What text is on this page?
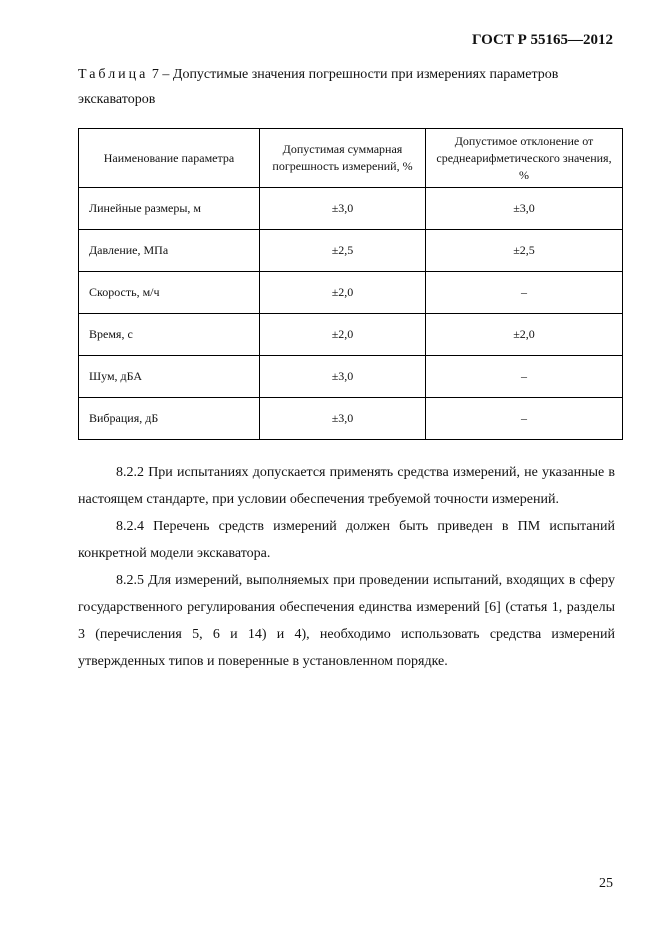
ГОСТ Р 55165—2012
Таблица 7 – Допустимые значения погрешности при измерениях параметров экскаваторов
Наименование параметра	Допустимая суммарная погрешность измерений, %	Допустимое отклонение от среднеарифметического значения, %
Линейные размеры, м	±3,0	±3,0
Давление, МПа	±2,5	±2,5
Скорость, м/ч	±2,0	–
Время, с	±2,0	±2,0
Шум, дБА	±3,0	–
Вибрация, дБ	±3,0	–

8.2.2 При испытаниях допускается применять средства измерений, не указанные в настоящем стандарте, при условии обеспечения требуемой точности измерений.

8.2.4 Перечень средств измерений должен быть приведен в ПМ испытаний конкретной модели экскаватора.

8.2.5 Для измерений, выполняемых при проведении испытаний, входящих в сферу государственного регулирования обеспечения единства измерений [6] (статья 1, разделы 3 (перечисления 5, 6 и 14) и 4), необходимо использовать средства измерений утвержденных типов и поверенные в установленном порядке.

25
